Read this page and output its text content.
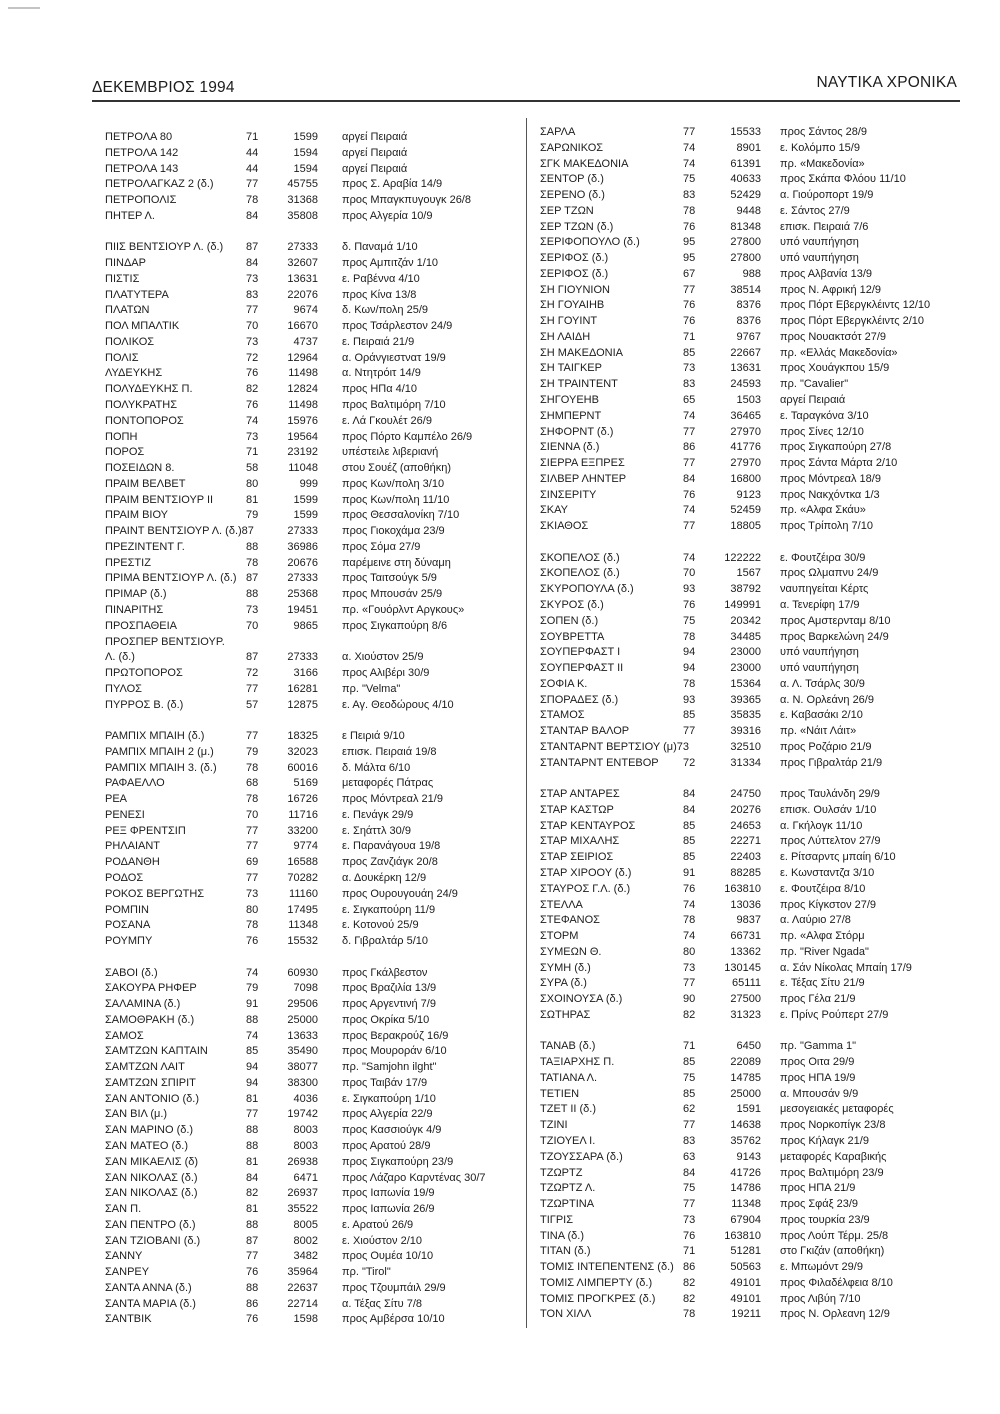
ΔΕΚΕΜΒΡΙΟΣ 1994	ΝΑΥΤΙΚΑ ΧΡΟΝΙΚΑ
ΠΕΤΡΟΛΑ 80	71	1599 αργεί Πειραιά
ΠΕΤΡΟΛΑ 142	44	1594 αργεί Πειραιά
ΠΕΤΡΟΛΑ 143	44	1594 αργεί Πειραιά
ΠΕΤΡΟΛΑΓΚΑΖ 2 (δ.)	77	45755 προς Σ. Αραβία 14/9
ΠΕΤΡΟΠΟΛΙΣ	78	31368 προς Μπαγκπυγουγκ 26/8
ΠΗΤΕΡ Λ.	84	35808 προς Αλγερία 10/9
ΠΙΙΣ ΒΕΝΤΣΙΟΥΡ Λ. (δ.) 87	27333 δ. Παναμά 1/10
ΠΙΝΔΑΡ	84	32607 προς Αμπιτζάν 1/10
ΠΙΣΤΙΣ	73	13631 ε. Ραβέννα 4/10
ΠΛΑΤΥΤΕΡΑ	83	22076 προς Κίνα 13/8
ΠΛΑΤΩΝ	77	9674 δ. Κων/πολη 25/9
ΠΟΛ ΜΠΑΛΤΙΚ	70	16670 προς Τσάρλεστον 24/9
ΠΟΛΙΚΟΣ	73	4737 ε. Πειραιά 21/9
ΠΟΛΙΣ	72	12964 α. Οράνγιεστνατ 19/9
ΛΥΔΕΥΚΗΣ	76	11498 α. Ντητρόιτ 14/9
ΠΟΛΥΔΕΥΚΗΣ Π.	82	12824 προς ΗΠα 4/10
ΠΟΛΥΚΡΑΤΗΣ	76	11498 προς Βαλτιμόρη 7/10
ΠΟΝΤΟΠΟΡΟΣ	74	15976 ε. Λά Γκουλέτ 26/9
ΠΟΠΗ	73	19564 προς Πόρτο Καμπέλο 26/9
ΠΟΡΟΣ	71	23192 υπέστειλε λιβεριανή
ΠΟΣΕΙΔΩΝ 8.	58	11048 στου Σουέζ (αποθήκη)
ΠΡΑΙΜ ΒΕΛΒΕΤ	80	999 προς Κων/πολη 3/10
ΠΡΑΙΜ ΒΕΝΤΣΙΟΥΡ ΙΙ	81	1599 προς Κων/πολη 11/10
ΠΡΑΙΜ ΒΙΟΥ	79	1599 προς Θεσσαλονίκη 7/10
ΠΡΑΙΝΤ ΒΕΝΤΣΙΟΥΡ Λ. (δ.)87	27333 προς Γιοκοχάμα 23/9
ΠΡΕΖΙΝΤΕΝΤ Γ.	88	36986 προς Σόμα 27/9
ΠΡΕΣΤΙΖ	78	20676 παρέμεινε στη δύναμη
ΠΡΙΜΑ ΒΕΝΤΣΙΟΥΡ Λ. (δ.) 87	27333 προς Ταιτσούγκ 5/9
ΠΡΙΜΑΡ (δ.)	88	25368 προς Μπουσάν 25/9
ΠΙΝΑΡΙΤΗΣ	73	19451 πρ. «Γουόρλντ Αργκους»
ΠΡΟΣΠΑΘΕΙΑ	70	9865 προς Σιγκαπούρη 8/6
ΠΡΟΣΠΕΡ ΒΕΝΤΣΙΟΥΡ.
Λ. (δ.)	87	27333 α. Χιούστον 25/9
ΠΡΩΤΟΠΟΡΟΣ	72	3166 προς Αλιβέρι 30/9
ΠΥΛΟΣ	77	16281 πρ. "Velma"
ΠΥΡΡΟΣ Β. (δ.)	57	12875 ε. Αγ. Θεοδώρους 4/10
ΡΑΜΠΙΧ ΜΠΑΙΗ (δ.)	77	18325 ε Πειριά 9/10
ΡΑΜΠΙΧ ΜΠΑΙΗ 2 (μ.)	79	32023 επισκ. Πειραιά 19/8
ΡΑΜΠΙΧ ΜΠΑΙΗ 3. (δ.)	78	60016 δ. Μάλτα 6/10
ΡΑΦΑΕΛΛΟ	68	5169 μεταφορές Πάτρας
ΡΕΑ	78	16726 προς Μόντρεαλ 21/9
ΡΕΝΕΣΙ	70	11716 ε. Πενάγκ 29/9
ΡΕΞ ΦΡΕΝΤΣΙΠ	77	33200 ε. Σηάττλ 30/9
ΡΗΛΑΙΑΝΤ	77	9774 ε. Παρανάγουα 19/8
ΡΟΔΑΝΘΗ	69	16588 προς Ζανζιάγκ 20/8
ΡΟΔΟΣ	77	70282 α. Δουκέρκη 12/9
ΡΟΚΟΣ ΒΕΡΓΩΤΗΣ	73	11160 προς Ουρουγουάη 24/9
ΡΟΜΠΙΝ	80	17495 ε. Σιγκαπούρη 11/9
ΡΟΣΑΝΑ	78	11348 ε. Κοτονού 25/9
ΡΟΥΜΠΥ	76	15532 δ. Γιβραλτάρ 5/10
ΣΑΒΟΙ (δ.)	74	60930 προς Γκάλβεστον
ΣΑΚΟΥΡΑ ΡΗΦΕΡ	79	7098 προς Βραζιλία 13/9
ΣΑΛΑΜΙΝΑ (δ.)	91	29506 προς Αργεντινή 7/9
ΣΑΜΟΘΡΑΚΗ (δ.)	88	25000 προς Οκρίκα 5/10
ΣΑΜΟΣ	74	13633 προς Βερακρούζ 16/9
ΣΑΜΤΖΩΝ ΚΑΠΤΑΙΝ	85	35490 προς Μουροράν 6/10
ΣΑΜΤΖΩΝ ΛΑΙΤ	94	38077 πρ. "Samjohn ilght"
ΣΑΜΤΖΩΝ ΣΠΙΡΙΤ	94	38300 προς Ταιβάν 17/9
ΣΑΝ ΑΝΤΟΝΙΟ (δ.)	81	4036 ε. Σιγκαπούρη 1/10
ΣΑΝ ΒΙΛ (μ.)	77	19742 προς Αλγερία 22/9
ΣΑΝ ΜΑΡΙΝΟ (δ.)	88	8003 προς Κασσιούγκ 4/9
ΣΑΝ ΜΑΤΕΟ (δ.)	88	8003 προς Αρατού 28/9
ΣΑΝ ΜΙΚΑΕΛΙΣ (δ)	81	26938 προς Σιγκαπούρη 23/9
ΣΑΝ ΝΙΚΟΛΑΣ (δ.)	84	6471 προς Λάζαρο Καρντένας 30/7
ΣΑΝ ΝΙΚΟΛΑΣ (δ.)	82	26937 προς Ιαπωνία 19/9
ΣΑΝ Π.	81	35522 προς Ιαπωνία 26/9
ΣΑΝ ΠΕΝΤΡΟ (δ.)	88	8005 ε. Αρατού 26/9
ΣΑΝ ΤΖΙΟΒΑΝΙ (δ.)	87	8002 ε. Χιούστον 2/10
ΣΑΝΝΥ	77	3482 προς Ουμέα 10/10
ΣΑΝΡΕΥ	76	35964 πρ. "Tirol"
ΣΑΝΤΑ ΑΝΝΑ (δ.)	88	22637 προς Τζουμπάιλ 29/9
ΣΑΝΤΑ ΜΑΡΙΑ (δ.)	86	22714 α. Τέξας Σίτυ 7/8
ΣΑΝΤΒΙΚ	76	1598 προς Αμβέρσα 10/10
ΣΑΡΛΑ	77	15533 προς Σάντος 28/9
ΣΑΡΩΝΙΚΟΣ	74	8901 ε. Κολόμπο 15/9
ΣΓΚ ΜΑΚΕΔΟΝΙΑ	74	61391 πρ. «Μακεδονία»
ΣΕΝΤΟΡ (δ.)	75	40633 προς Σκάπα Φλόου 11/10
ΣΕΡΕΝΟ (δ.)	83	52429 α. Γιούροπορτ 19/9
ΣΕΡ ΤΖΩΝ	78	9448 ε. Σάντος 27/9
ΣΕΡ ΤΖΩΝ (δ.)	76	81348 επισκ. Πειραιά 7/6
ΣΕΡΙΦΟΠΟΥΛΟ (δ.)	95	27800 υπό ναυπήγηση
ΣΕΡΙΦΟΣ (δ.)	95	27800 υπό ναυπήγηση
ΣΕΡΙΦΟΣ (δ.)	67	988 προς Αλβανία 13/9
ΣΗ ΓΙΟΥΝΙΟΝ	77	38514 προς Ν. Αφρική 12/9
ΣΗ ΓΟΥΑΙΗΒ	76	8376 προς Πόρτ Εβεργκλέιντς 12/10
ΣΗ ΓΟΥΙΝΤ	76	8376 προς Πόρτ Εβεργκλέιντς 2/10
ΣΗ ΛΑΙΔΗ	71	9767 προς Νουακτσότ 27/9
ΣΗ ΜΑΚΕΔΟΝΙΑ	85	22667 πρ. «Ελλάς Μακεδονία»
ΣΗ ΤΑΙΓΚΕΡ	73	13631 προς Χουάγκπου 15/9
ΣΗ ΤΡΑΙΝΤΕΝΤ	83	24593 πρ. "Cavalier"
ΣΗΓΟΥΕΗΒ	65	1503 αργεί Πειραιά
ΣΗΜΠΕΡΝΤ	74	36465 ε. Ταραγκόνα 3/10
ΣΗΦΟΡΝΤ (δ.)	77	27970 προς Σίνες 12/10
ΣΙΕΝΝΑ (δ.)	86	41776 προς Σιγκαπούρη 27/8
ΣΙΕΡΡΑ ΕΞΠΡΕΣ	77	27970 προς Σάντα Μάρτα 2/10
ΣΙΛΒΕΡ ΛΗΝΤΕΡ	84	16800 προς Μόντρεαλ 18/9
ΣΙΝΣΕΡΙΤΥ	76	9123 προς Νακχόντκα 1/3
ΣΚΑΥ	74	52459 πρ. «Αλφα Σκάυ»
ΣΚΙΑΘΟΣ	77	18805 προς Τρίπολη 7/10
ΣΚΟΠΕΛΟΣ (δ.)	74	122222 ε. Φουτζέιρα 30/9
ΣΚΟΠΕΛΟΣ (δ.)	70	1567 προς Ωλμαπνυ 24/9
ΣΚΥΡΟΠΟΥΛΑ (δ.)	93	38792 ναυπηγείται Κέρτς
ΣΚΥΡΟΣ (δ.)	76	149991 α. Τενερίφη 17/9
ΣΟΠΕΝ (δ.)	75	20342 προς Αμστερνταμ 8/10
ΣΟΥΒΡΕΤΤΑ	78	34485 προς Βαρκελώνη 24/9
ΣΟΥΠΕΡΦΑΣΤ Ι	94	23000 υπό ναυπήγηση
ΣΟΥΠΕΡΦΑΣΤ ΙΙ	94	23000 υπό ναυπήγηση
ΣΟΦΙΑ Κ.	78	15364 α. Λ. Τσάρλς 30/9
ΣΠΟΡΑΔΕΣ (δ.)	93	39365 α. Ν. Ορλεάνη 26/9
ΣΤΑΜΟΣ	85	35835 ε. Καβασάκι 2/10
ΣΤΑΝΤΑΡ ΒΑΛΟΡ	77	39316 πρ. «Νάιτ Λάιτ»
ΣΤΑΝΤΑΡΝΤ ΒΕΡΤΣΙΟΥ (μ)73	32510 προς Ροζάριο 21/9
ΣΤΑΝΤΑΡΝΤ ΕΝΤΕΒΟΡ 72	31334 προς Γιβραλτάρ 21/9
ΣΤΑΡ ΑΝΤΑΡΕΣ	84	24750 προς Ταυλάνδη 29/9
ΣΤΑΡ ΚΑΣΤΩΡ	84	20276 επισκ. Ουλσάν 1/10
ΣΤΑΡ ΚΕΝΤΑΥΡΟΣ	85	24653 α. Γκήλογκ 11/10
ΣΤΑΡ ΜΙΧΑΛΗΣ	85	22271 προς Λύττελτον 27/9
ΣΤΑΡ ΣΕΙΡΙΟΣ	85	22403 ε. Ρίτσαρντς μπαίη 6/10
ΣΤΑΡ ΧΙΡΟΟΥ (δ.)	91	88285 ε. Κωνσταντζα 3/10
ΣΤΑΥΡΟΣ Γ.Λ. (δ.)	76	163810 ε. Φουτζέιρα 8/10
ΣΤΕΛΛΑ	74	13036 προς Κίγκστον 27/9
ΣΤΕΦΑΝΟΣ	78	9837 α. Λαύριο 27/8
ΣΤΟΡΜ	74	66731 πρ. «Αλφα Στόρμ
ΣΥΜΕΩΝ Θ.	80	13362 πρ. "River Ngada"
ΣΥΜΗ (δ.)	73	130145 α. Σάν Νίκολας Μπαίη 17/9
ΣΥΡΑ (δ.)	77	65111 ε. Τέξας Σίτυ 21/9
ΣΧΟΙΝΟΥΣΑ (δ.)	90	27500 προς Γέλα 21/9
ΣΩΤΗΡΑΣ	82	31323 ε. Πρίνς Ρούπερτ 27/9
ΤΑΝΑΒ (δ.)	71	6450 πρ. "Gamma 1"
ΤΑΞΙΑΡΧΗΣ Π.	85	22089 προς Οιτα 29/9
ΤΑΤΙΑΝΑ Λ.	75	14785 προς ΗΠΑ 19/9
ΤΕΤΙΕΝ	85	25000 α. Μπουσάν 9/9
ΤΖΕΤ ΙΙ (δ.)	62	1591 μεσογειακές μεταφορές
ΤΖΙΝΙ	77	14638 προς Νορκοπίγκ 23/8
ΤΖΙΟΥΕΛ Ι.	83	35762 προς Κήλαγκ 21/9
ΤΖΟΥΣΣΑΡΑ (δ.)	63	9143 μεταφορές Καραβικής
ΤΖΩΡΤΖ	84	41726 προς Βαλτιμόρη 23/9
ΤΖΩΡΤΖ Λ.	75	14786 προς ΗΠΑ 21/9
ΤΖΩΡΤΙΝΑ	77	11348 προς Σφάξ 23/9
ΤΙΓΡΙΣ	73	67904 προς τουρκία 23/9
ΤΙΝΑ (δ.)	76	163810 προς Λούπ Τέρμ. 25/8
ΤΙΤΑΝ (δ.)	71	51281 στο Γκιζάν (αποθήκη)
ΤΟΜΙΣ ΙΝΤΕΠΕΝΤΕΝΣ (δ.) 86	50563 ε. Μπωμόντ 29/9
ΤΟΜΙΣ ΛΙΜΠΕΡΤΥ (δ.)	82	49101 προς Φιλαδέλφεια 8/10
ΤΟΜΙΣ ΠΡΟΓΚΡΕΣ (δ.)	82	49101 προς Λιβύη 7/10
ΤΟΝ ΧΙΛΛ	78	19211 προς Ν. Ορλεανη 12/9
